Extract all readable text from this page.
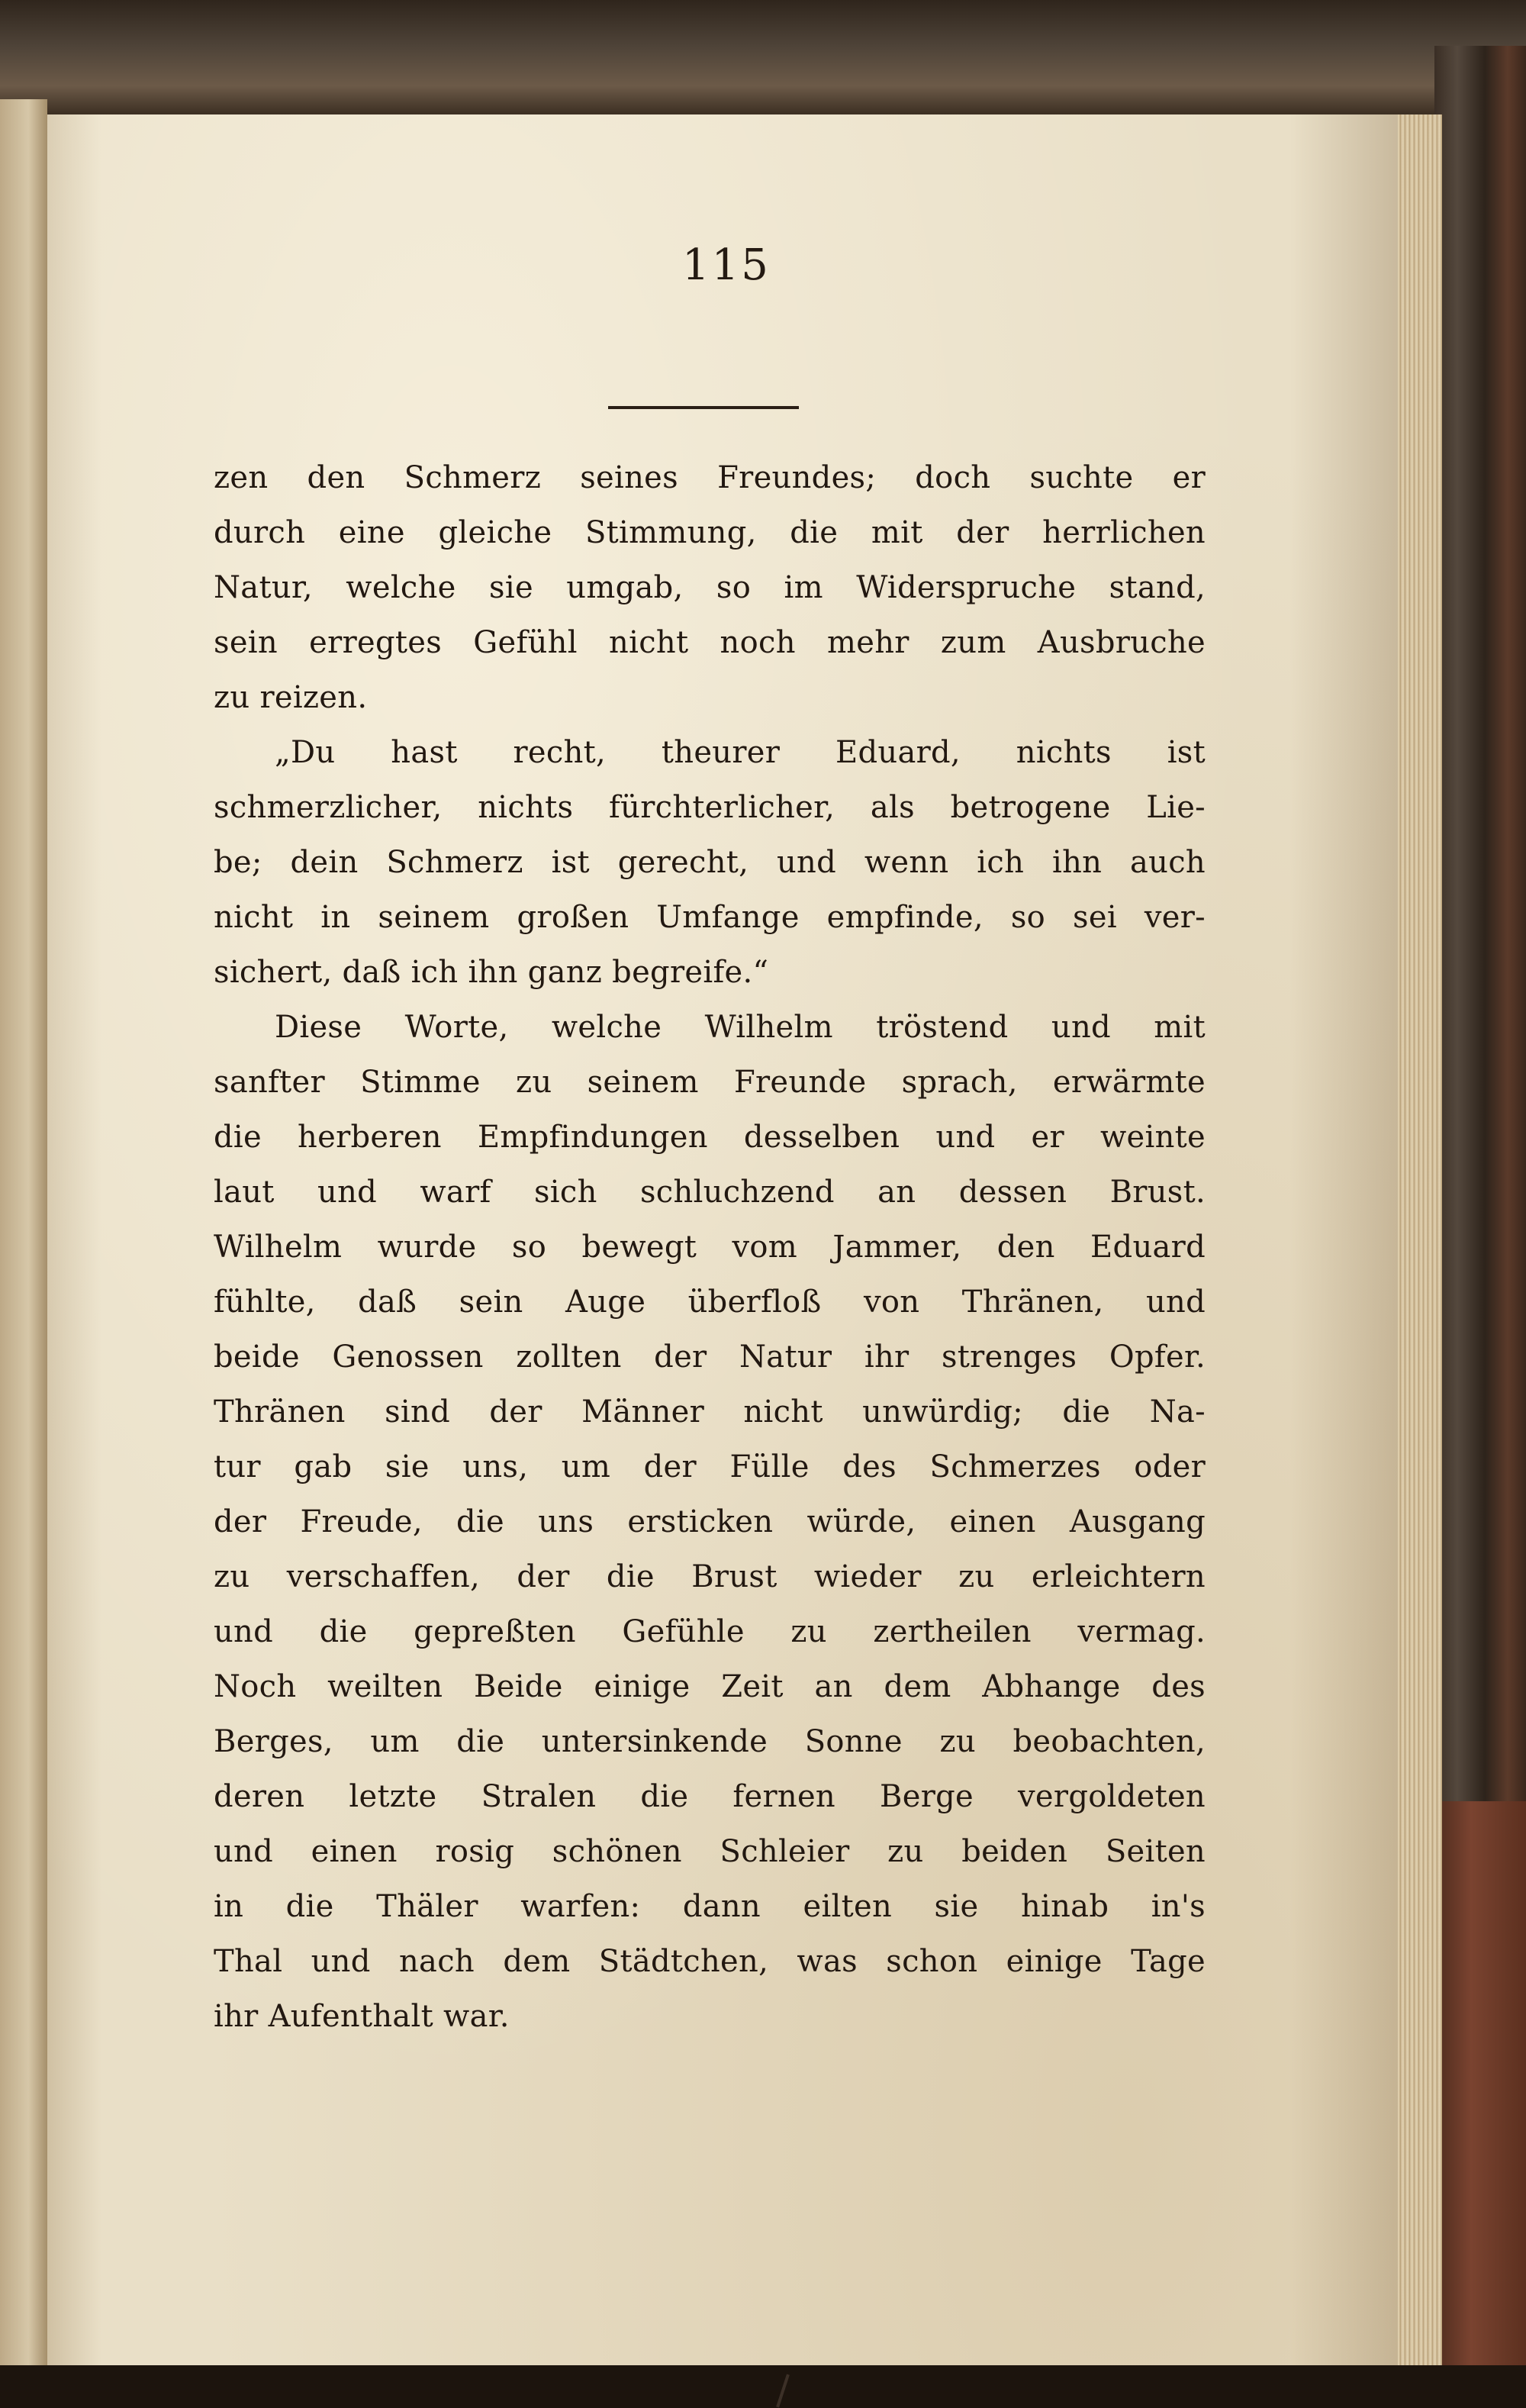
115
zen den Schmerz seines Freundes; doch suchte er
durch eine gleiche Stimmung, die mit der herrlichen
Natur, welche sie umgab, so im Widerspruche stand,
sein erregtes Gefühl nicht noch mehr zum Ausbruche
zu reizen.
„Du hast recht, theurer Eduard, nichts ist
schmerzlicher, nichts fürchterlicher, als betrogene Lie-
be; dein Schmerz ist gerecht, und wenn ich ihn auch
nicht in seinem großen Umfange empfinde, so sei ver-
sichert, daß ich ihn ganz begreife.“
Diese Worte, welche Wilhelm tröstend und mit
sanfter Stimme zu seinem Freunde sprach, erwärmte
die herberen Empfindungen desselben und er weinte
laut und warf sich schluchzend an dessen Brust.
Wilhelm wurde so bewegt vom Jammer, den Eduard
fühlte, daß sein Auge überfloß von Thränen, und
beide Genossen zollten der Natur ihr strenges Opfer.
Thränen sind der Männer nicht unwürdig; die Na-
tur gab sie uns, um der Fülle des Schmerzes oder
der Freude, die uns ersticken würde, einen Ausgang
zu verschaffen, der die Brust wieder zu erleichtern
und die gepreßten Gefühle zu zertheilen vermag.
Noch weilten Beide einige Zeit an dem Abhange des
Berges, um die untersinkende Sonne zu beobachten,
deren letzte Stralen die fernen Berge vergoldeten
und einen rosig schönen Schleier zu beiden Seiten
in die Thäler warfen: dann eilten sie hinab in's
Thal und nach dem Städtchen, was schon einige Tage
ihr Aufenthalt war.
